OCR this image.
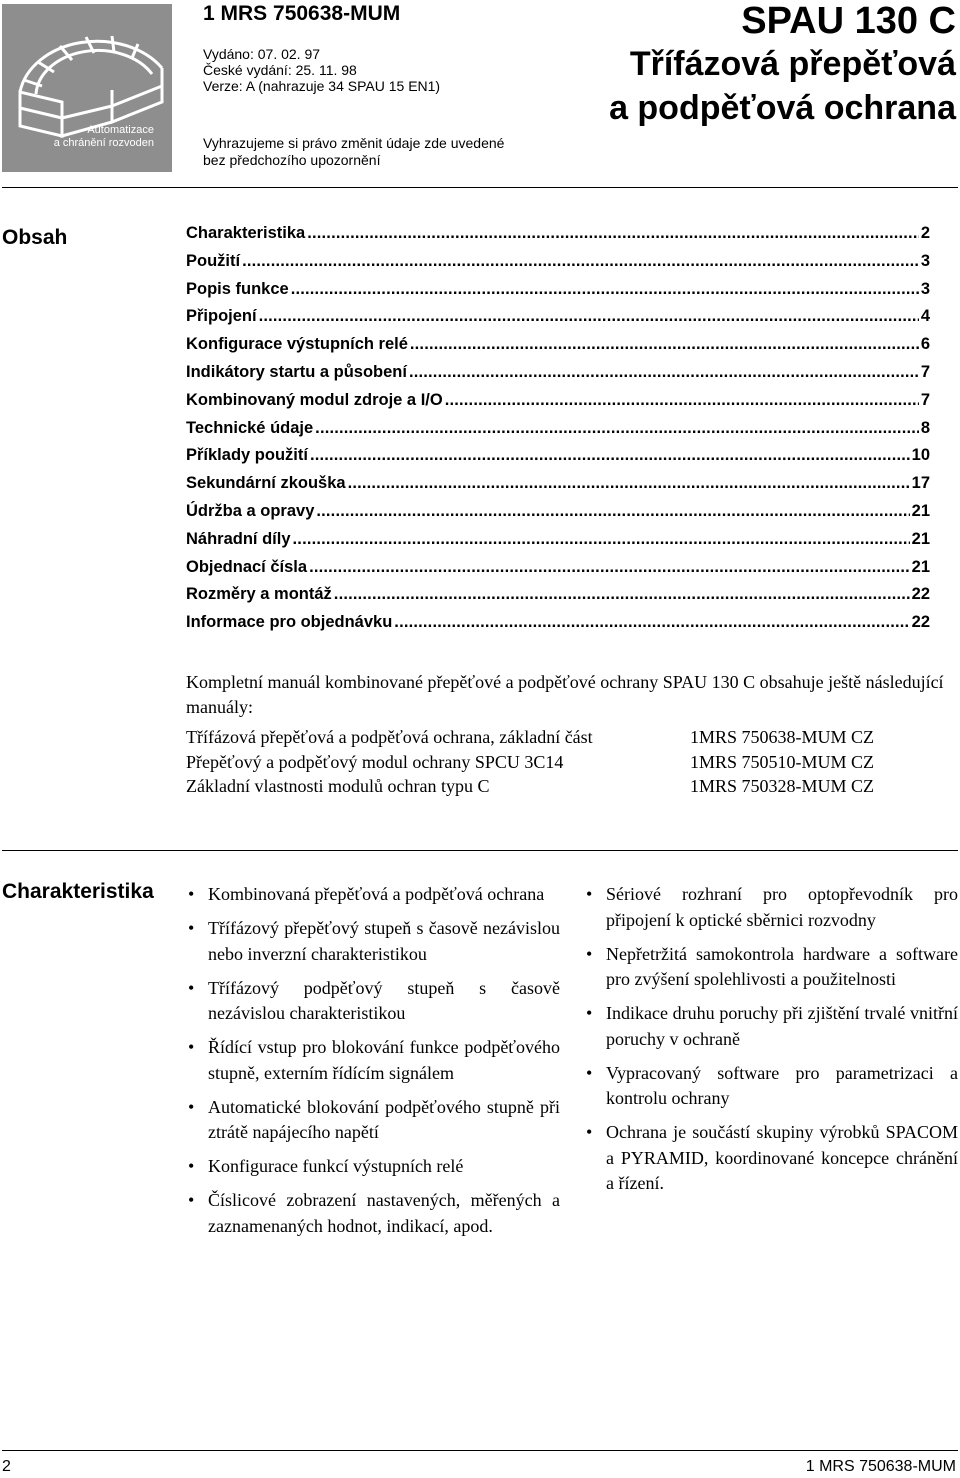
Automatizace
a chránění rozvoden
1 MRS 750638-MUM
Vydáno: 07. 02. 97
České vydání: 25. 11. 98
Verze: A (nahrazuje 34 SPAU 15 EN1)
Vyhrazujeme si právo změnit údaje zde uvedené
bez předchozího upozornění
SPAU 130 C
Třífázová přepěťová
a podpěťová ochrana
Obsah	Charakteristika . . .	2
Použití . . .	3
Popis funkce . . .	3
Připojení . . .	4
Konfigurace výstupních relé . . .	6
Indikátory startu a působení . . .	7
Kombinovaný modul zdroje a I/O . . .	7
Technické údaje . . .	8
Příklady použití . . .	10
Sekundární zkouška . . .	17
Údržba a opravy . . .	21
Náhradní díly . . .	21
Objednací čísla . . .	21
Rozměry a montáž . . .	22
Informace pro objednávku . . .	22

Kompletní manuál kombinované přepěťové a podpěťové ochrany SPAU 130 C obsahuje ještě následující manuály:

Třífázová přepěťová a podpěťová ochrana, základní část	1MRS 750638-MUM CZ
Přepěťový a podpěťový modul ochrany SPCU 3C14	1MRS 750510-MUM CZ
Základní vlastnosti modulů ochran typu C	1MRS 750328-MUM CZ
Charakteristika	• Kombinovaná přepěťová a podpěťová ochrana
• Třífázový přepěťový stupeň s časově nezávislou nebo inverzní charakteristikou
• Třífázový podpěťový stupeň s časově nezávislou charakteristikou
• Řídící vstup pro blokování funkce podpěťového stupně, externím řídícím signálem
• Automatické blokování podpěťového stupně při ztrátě napájecího napětí
• Konfigurace funkcí výstupních relé
• Číslicové zobrazení nastavených, měřených a zaznamenaných hodnot, indikací, apod.
• Sériové rozhraní pro optopřevodník pro připojení k optické sběrnici rozvodny
• Nepřetržitá samokontrola hardware a software pro zvýšení spolehlivosti a použitelnosti
• Indikace druhu poruchy při zjištění trvalé vnitřní poruchy v ochraně
• Vypracovaný software pro parametrizaci a kontrolu ochrany
• Ochrana je součástí skupiny výrobků SPACOM a PYRAMID, koordinované koncepce chránění a řízení.
2	1 MRS 750638-MUM
